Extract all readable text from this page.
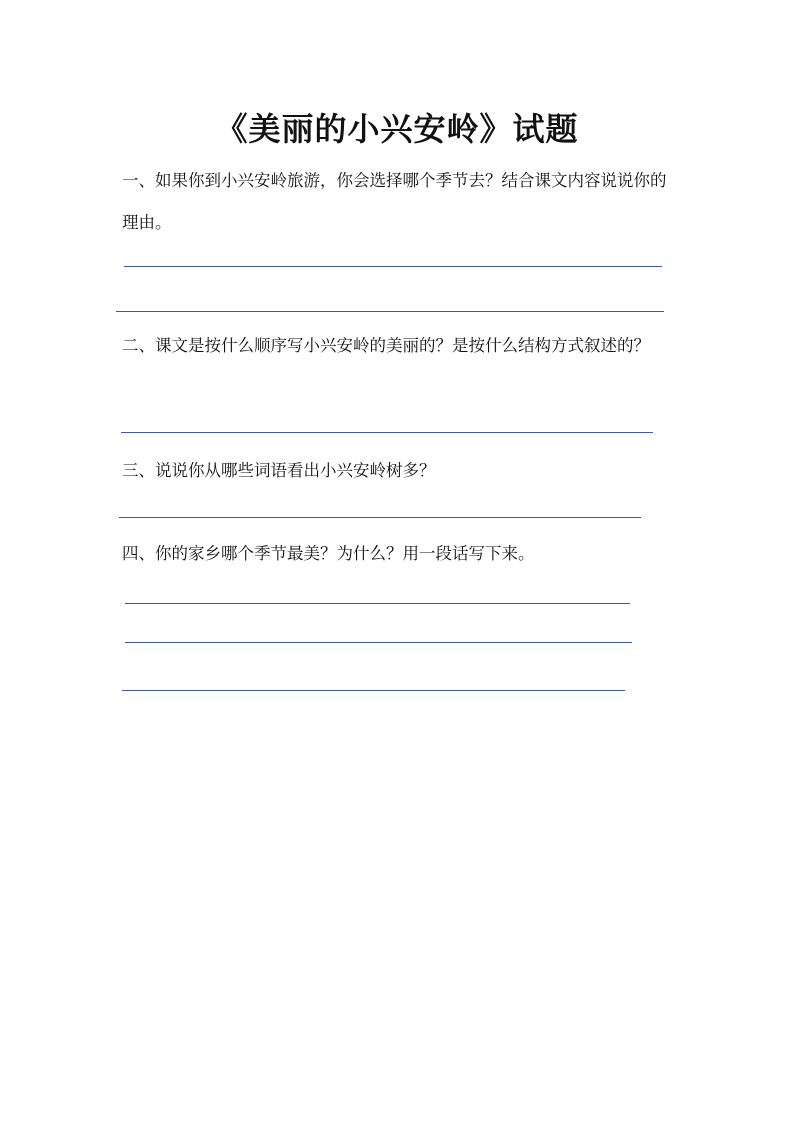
《美丽的小兴安岭》试题

一、如果你到小兴安岭旅游，你会选择哪个季节去？结合课文内容说说你的理由。

二、课文是按什么顺序写小兴安岭的美丽的？是按什么结构方式叙述的？

三、说说你从哪些词语看出小兴安岭树多？

四、你的家乡哪个季节最美？为什么？用一段话写下来。
